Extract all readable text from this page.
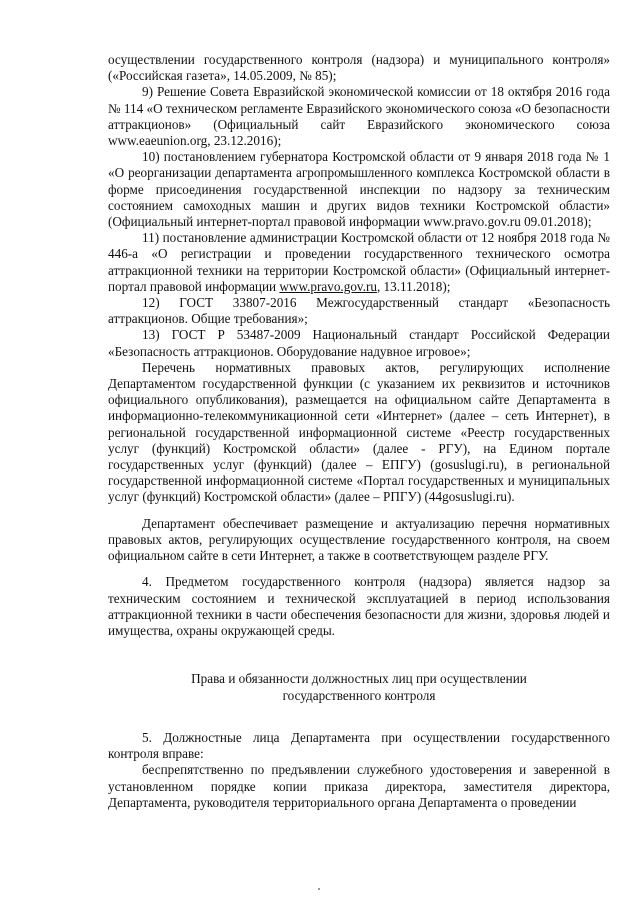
осуществлении государственного контроля (надзора) и муниципального контроля» («Российская газета», 14.05.2009, № 85);

9) Решение Совета Евразийской экономической комиссии от 18 октября 2016 года № 114 «О техническом регламенте Евразийского экономического союза «О безопасности аттракционов» (Официальный сайт Евразийского экономического союза www.eaeunion.org, 23.12.2016);

10) постановлением губернатора Костромской области от 9 января 2018 года № 1 «О реорганизации департамента агропромышленного комплекса Костромской области в форме присоединения государственной инспекции по надзору за техническим состоянием самоходных машин и других видов техники Костромской области» (Официальный интернет-портал правовой информации www.pravo.gov.ru 09.01.2018);

11) постановление администрации Костромской области от 12 ноября 2018 года № 446-а «О регистрации и проведении государственного технического осмотра аттракционной техники на территории Костромской области» (Официальный интернет-портал правовой информации www.pravo.gov.ru, 13.11.2018);

12) ГОСТ 33807-2016 Межгосударственный стандарт «Безопасность аттракционов. Общие требования»;

13) ГОСТ Р 53487-2009 Национальный стандарт Российской Федерации «Безопасность аттракционов. Оборудование надувное игровое»;

Перечень нормативных правовых актов, регулирующих исполнение Департаментом государственной функции (с указанием их реквизитов и источников официального опубликования), размещается на официальном сайте Департамента в информационно-телекоммуникационной сети «Интернет» (далее – сеть Интернет), в региональной государственной информационной системе «Реестр государственных услуг (функций) Костромской области» (далее - РГУ), на Едином портале государственных услуг (функций) (далее – ЕПГУ) (gosuslugi.ru), в региональной государственной информационной системе «Портал государственных и муниципальных услуг (функций) Костромской области» (далее – РПГУ) (44gosuslugi.ru).

Департамент обеспечивает размещение и актуализацию перечня нормативных правовых актов, регулирующих осуществление государственного контроля, на своем официальном сайте в сети Интернет, а также в соответствующем разделе РГУ.

4. Предметом государственного контроля (надзора) является надзор за техническим состоянием и технической эксплуатацией в период использования аттракционной техники в части обеспечения безопасности для жизни, здоровья людей и имущества, охраны окружающей среды.

Права и обязанности должностных лиц при осуществлении
государственного контроля

5. Должностные лица Департамента при осуществлении государственного контроля вправе:

беспрепятственно по предъявлении служебного удостоверения и заверенной в установленном порядке копии приказа директора, заместителя директора, Департамента, руководителя территориального органа Департамента о проведении
